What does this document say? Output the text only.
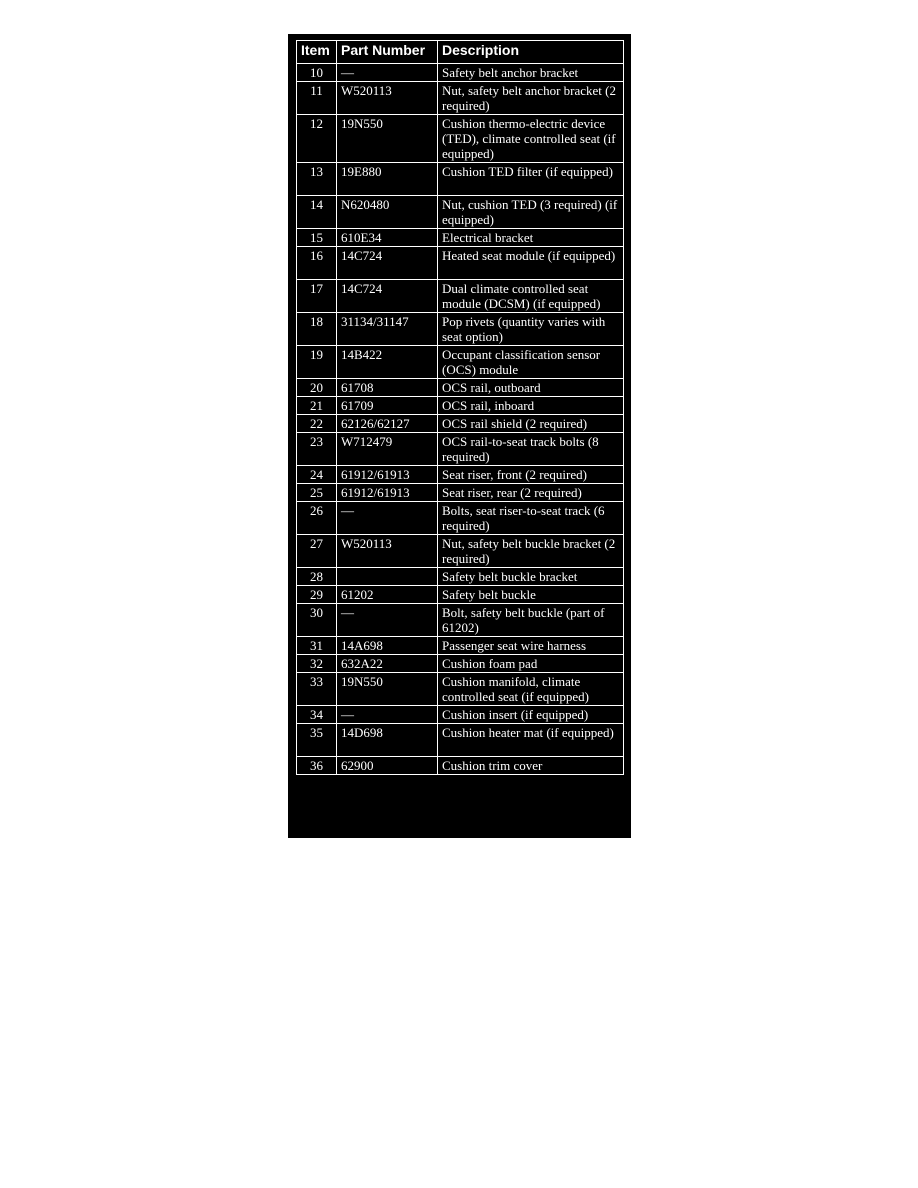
Item	Part Number	Description
10	—	Safety belt anchor bracket
11	W520113	Nut, safety belt anchor bracket (2 required)
12	19N550	Cushion thermo-electric device (TED), climate controlled seat (if equipped)
13	19E880	Cushion TED filter (if equipped)
14	N620480	Nut, cushion TED (3 required) (if equipped)
15	610E34	Electrical bracket
16	14C724	Heated seat module (if equipped)
17	14C724	Dual climate controlled seat module (DCSM) (if equipped)
18	31134/31147	Pop rivets (quantity varies with seat option)
19	14B422	Occupant classification sensor (OCS) module
20	61708	OCS rail, outboard
21	61709	OCS rail, inboard
22	62126/62127	OCS rail shield (2 required)
23	W712479	OCS rail-to-seat track bolts (8 required)
24	61912/61913	Seat riser, front (2 required)
25	61912/61913	Seat riser, rear (2 required)
26	—	Bolts, seat riser-to-seat track (6 required)
27	W520113	Nut, safety belt buckle bracket (2 required)
28		Safety belt buckle bracket
29	61202	Safety belt buckle
30	—	Bolt, safety belt buckle (part of 61202)
31	14A698	Passenger seat wire harness
32	632A22	Cushion foam pad
33	19N550	Cushion manifold, climate controlled seat (if equipped)
34	—	Cushion insert (if equipped)
35	14D698	Cushion heater mat (if equipped)
36	62900	Cushion trim cover
